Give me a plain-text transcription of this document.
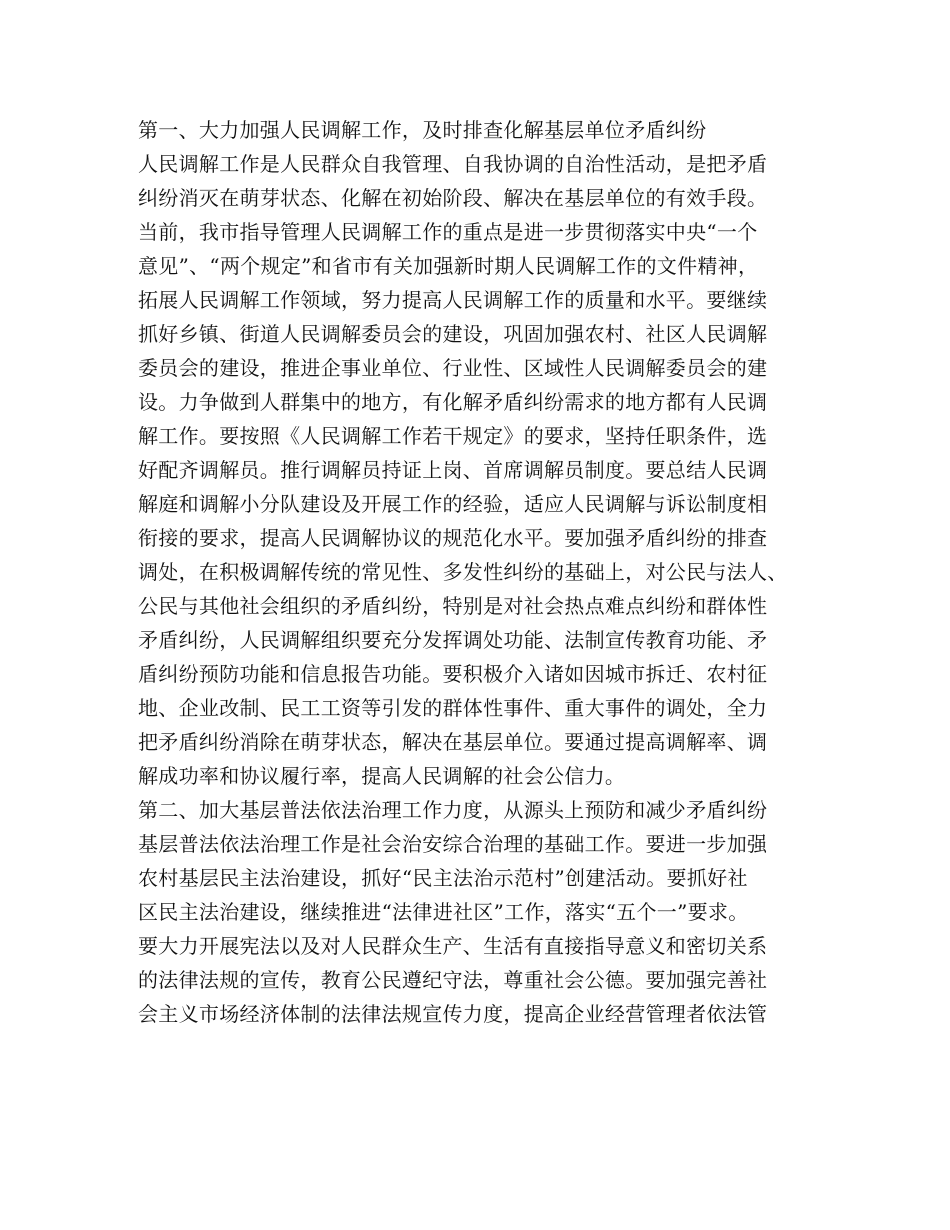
第一、大力加强人民调解工作，及时排查化解基层单位矛盾纠纷
人民调解工作是人民群众自我管理、自我协调的自治性活动，是把矛盾
纠纷消灭在萌芽状态、化解在初始阶段、解决在基层单位的有效手段。
当前，我市指导管理人民调解工作的重点是进一步贯彻落实中央“一个
意见”、“两个规定”和省市有关加强新时期人民调解工作的文件精神，
拓展人民调解工作领域，努力提高人民调解工作的质量和水平。要继续
抓好乡镇、街道人民调解委员会的建设，巩固加强农村、社区人民调解
委员会的建设，推进企事业单位、行业性、区域性人民调解委员会的建
设。力争做到人群集中的地方，有化解矛盾纠纷需求的地方都有人民调
解工作。要按照《人民调解工作若干规定》的要求，坚持任职条件，选
好配齐调解员。推行调解员持证上岗、首席调解员制度。要总结人民调
解庭和调解小分队建设及开展工作的经验，适应人民调解与诉讼制度相
衔接的要求，提高人民调解协议的规范化水平。要加强矛盾纠纷的排查
调处，在积极调解传统的常见性、多发性纠纷的基础上，对公民与法人、
公民与其他社会组织的矛盾纠纷，特别是对社会热点难点纠纷和群体性
矛盾纠纷，人民调解组织要充分发挥调处功能、法制宣传教育功能、矛
盾纠纷预防功能和信息报告功能。要积极介入诸如因城市拆迁、农村征
地、企业改制、民工工资等引发的群体性事件、重大事件的调处，全力
把矛盾纠纷消除在萌芽状态，解决在基层单位。要通过提高调解率、调
解成功率和协议履行率，提高人民调解的社会公信力。
第二、加大基层普法依法治理工作力度，从源头上预防和减少矛盾纠纷
基层普法依法治理工作是社会治安综合治理的基础工作。要进一步加强
农村基层民主法治建设，抓好“民主法治示范村”创建活动。要抓好社
区民主法治建设，继续推进“法律进社区”工作，落实“五个一”要求。
要大力开展宪法以及对人民群众生产、生活有直接指导意义和密切关系
的法律法规的宣传，教育公民遵纪守法，尊重社会公德。要加强完善社
会主义市场经济体制的法律法规宣传力度，提高企业经营管理者依法管
